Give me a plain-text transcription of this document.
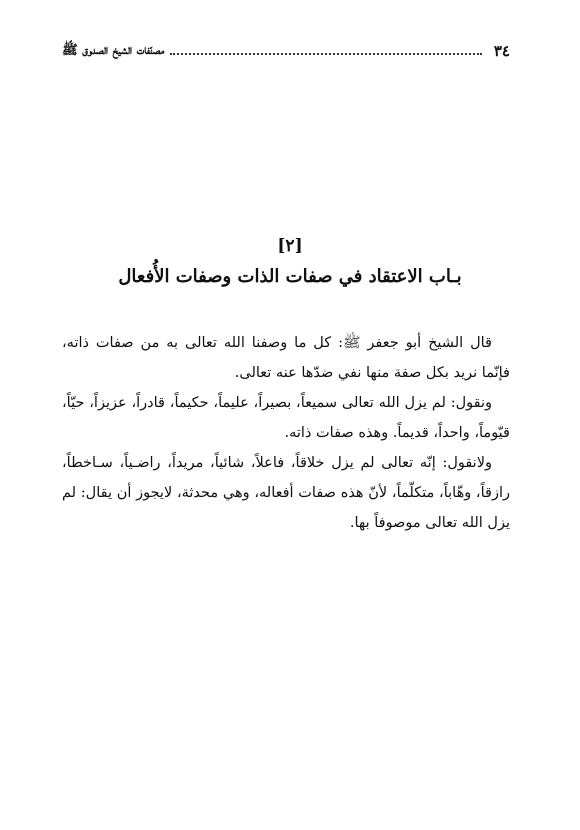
٣٤
مصنّفات الشيخ الصدوق ﷺ
[٢]
بـاب الاعتقاد في صفات الذات وصفات الأُفعال

قال الشيخ أبو جعفر ﷺ: كل ما وصفنا الله تعالى به من صفات ذاته، فإنّما نريد بكل صفة منها نفي ضدّها عنه تعالى.

ونقول: لم يزل الله تعالى سميعاً، بصيراً، عليماً، حكيماً، قادراً، عزيزاً، حيّاً، قيّوماً، واحداً، قديماً. وهذه صفات ذاته.

ولانقول: إنّه تعالى لم يزل خلاقاً، فاعلاً، شائياً، مريداً، راضـياً، سـاخطاً، رازقاً، وهّاباً، متكلّماً، لأنّ هذه صفات أفعاله، وهي محدثة، لايجوز أن يقال: لم يزل الله تعالى موصوفاً بها.
